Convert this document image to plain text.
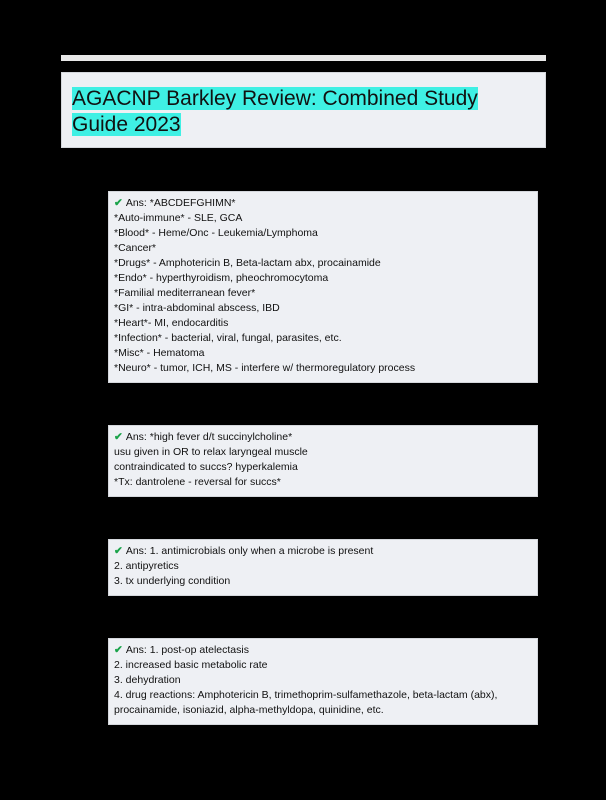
AGACNP Barkley Review: Combined Study Guide 2023
✔ Ans: *ABCDEFGHIMN*
*Auto-immune* - SLE, GCA
*Blood* - Heme/Onc - Leukemia/Lymphoma
*Cancer*
*Drugs* - Amphotericin B, Beta-lactam abx, procainamide
*Endo* - hyperthyroidism, pheochromocytoma
*Familial mediterranean fever*
*GI* - intra-abdominal abscess, IBD
*Heart*- MI, endocarditis
*Infection* - bacterial, viral, fungal, parasites, etc.
*Misc* - Hematoma
*Neuro* - tumor, ICH, MS - interfere w/ thermoregulatory process
✔ Ans: *high fever d/t succinylcholine*
usu given in OR to relax laryngeal muscle
contraindicated to succs? hyperkalemia
*Tx: dantrolene - reversal for succs*
✔ Ans: 1. antimicrobials only when a microbe is present
2. antipyretics
3. tx underlying condition
✔ Ans: 1. post-op atelectasis
2. increased basic metabolic rate
3. dehydration
4. drug reactions: Amphotericin B, trimethoprim-sulfamethazole, beta-lactam (abx), procainamide, isoniazid, alpha-methyldopa, quinidine, etc.
